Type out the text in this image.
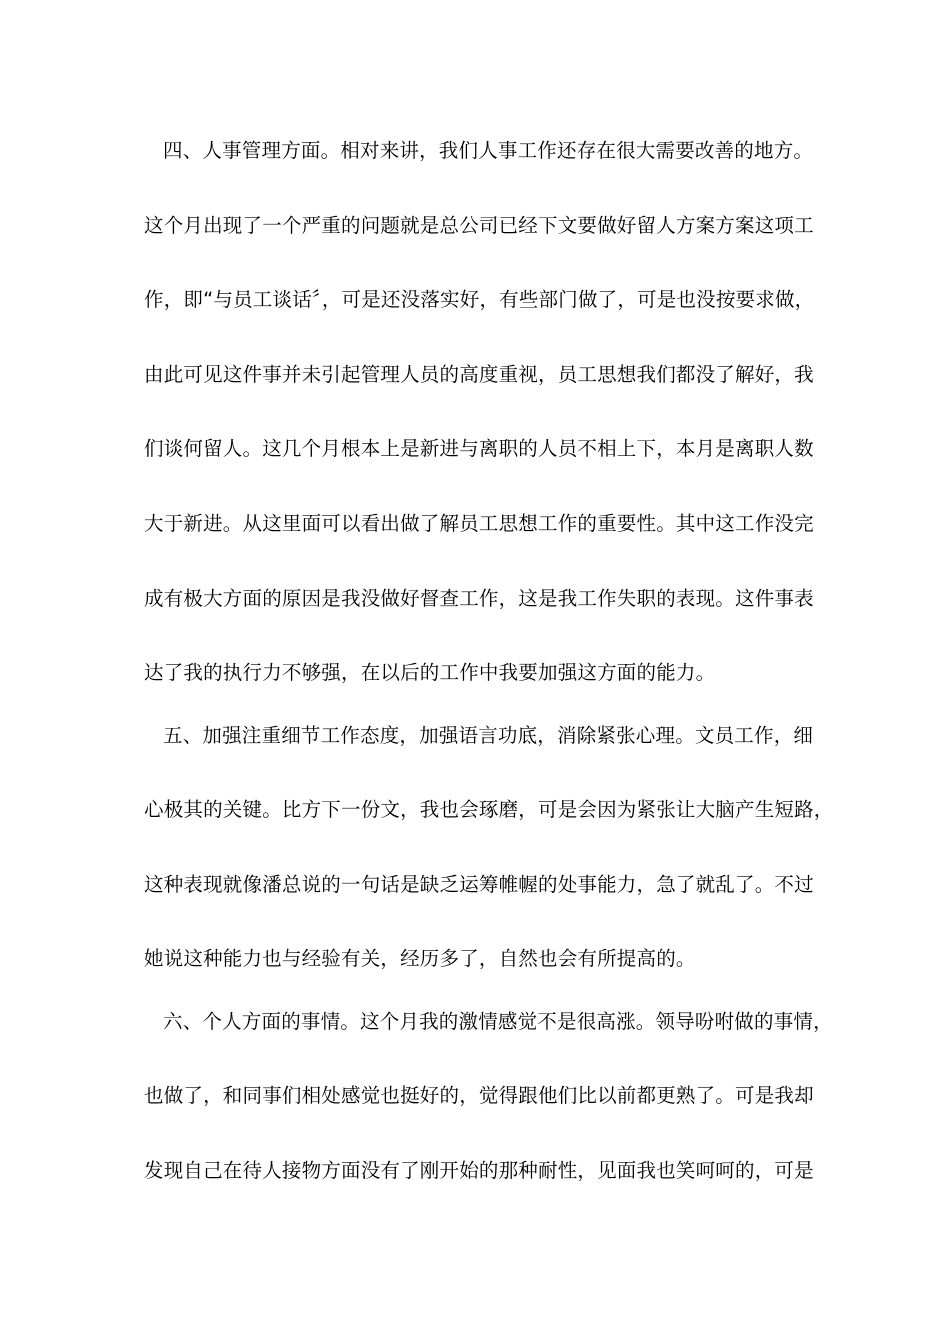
四、人事管理方面。相对来讲，我们人事工作还存在很大需要改善的地方。
这个月出现了一个严重的问题就是总公司已经下文要做好留人方案方案这项工
作，即“与员工谈话〞，可是还没落实好，有些部门做了，可是也没按要求做，
由此可见这件事并未引起管理人员的高度重视，员工思想我们都没了解好，我
们谈何留人。这几个月根本上是新进与离职的人员不相上下，本月是离职人数
大于新进。从这里面可以看出做了解员工思想工作的重要性。其中这工作没完
成有极大方面的原因是我没做好督查工作，这是我工作失职的表现。这件事表
达了我的执行力不够强，在以后的工作中我要加强这方面的能力。
五、加强注重细节工作态度，加强语言功底，消除紧张心理。文员工作，细
心极其的关键。比方下一份文，我也会琢磨，可是会因为紧张让大脑产生短路，
这种表现就像潘总说的一句话是缺乏运筹帷幄的处事能力，急了就乱了。不过
她说这种能力也与经验有关，经历多了，自然也会有所提高的。
六、个人方面的事情。这个月我的激情感觉不是很高涨。领导吩咐做的事情，
也做了，和同事们相处感觉也挺好的，觉得跟他们比以前都更熟了。可是我却
发现自己在待人接物方面没有了刚开始的那种耐性，见面我也笑呵呵的，可是
